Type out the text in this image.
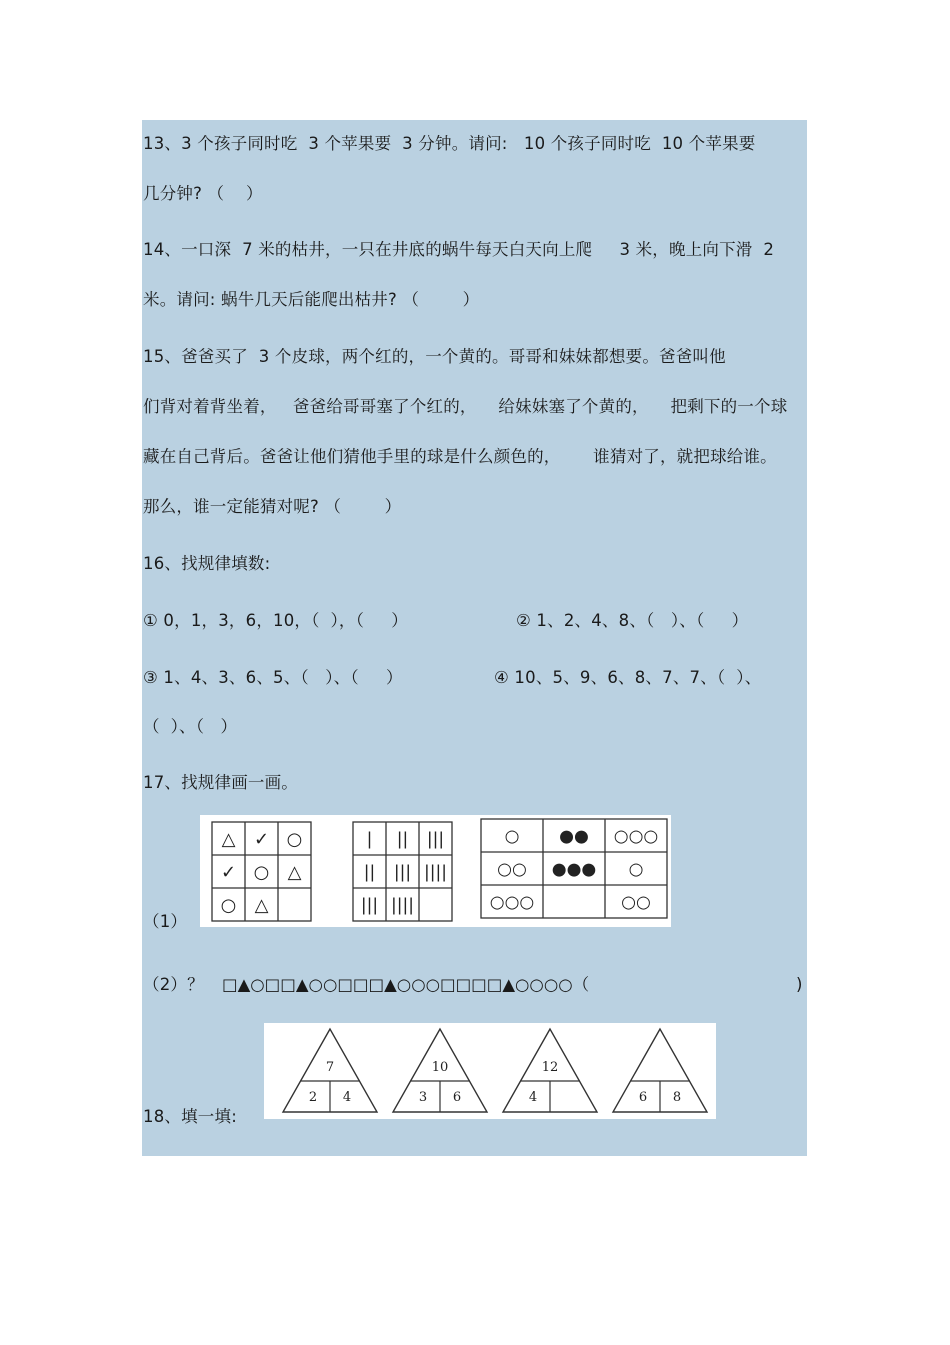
13、3 个孩子同时吃  3 个苹果要  3 分钟。请问:   10 个孩子同时吃  10 个苹果要
几分钟? （    ）
14、一口深  7 米的枯井，一只在井底的蜗牛每天白天向上爬     3 米，晚上向下滑  2
米。请问: 蜗牛几天后能爬出枯井? （        ）
15、爸爸买了  3 个皮球，两个红的，一个黄的。哥哥和妹妹都想要。爸爸叫他
们背对着背坐着，   爸爸给哥哥塞了个红的，    给妹妹塞了个黄的，    把剩下的一个球
藏在自己背后。爸爸让他们猜他手里的球是什么颜色的，      谁猜对了，就把球给谁。
那么，谁一定能猜对呢? （        ）
16、找规律填数:
① 0，1，3，6，10，（  ），（     ）	② 1、2、4、8、（   ）、（     ）
③ 1、4、3、6、5、（   ）、（     ）	④ 10、5、9、6、8、7、7、（  ）、
（  ）、（   ）
17、找规律画一画。
（1）
△ ✓ ○
✓ ○ △
○ △
| || |||
|| ||| ||||
||| ||||
○ ●● ○○○
○○ ●●● ○
○○○	○○
（2）？ □▲○□□▲○○□□□▲○○○□□□□▲○○○○（	)
18、填一填:
7
2 4
10
3 6
12
4	6 8
